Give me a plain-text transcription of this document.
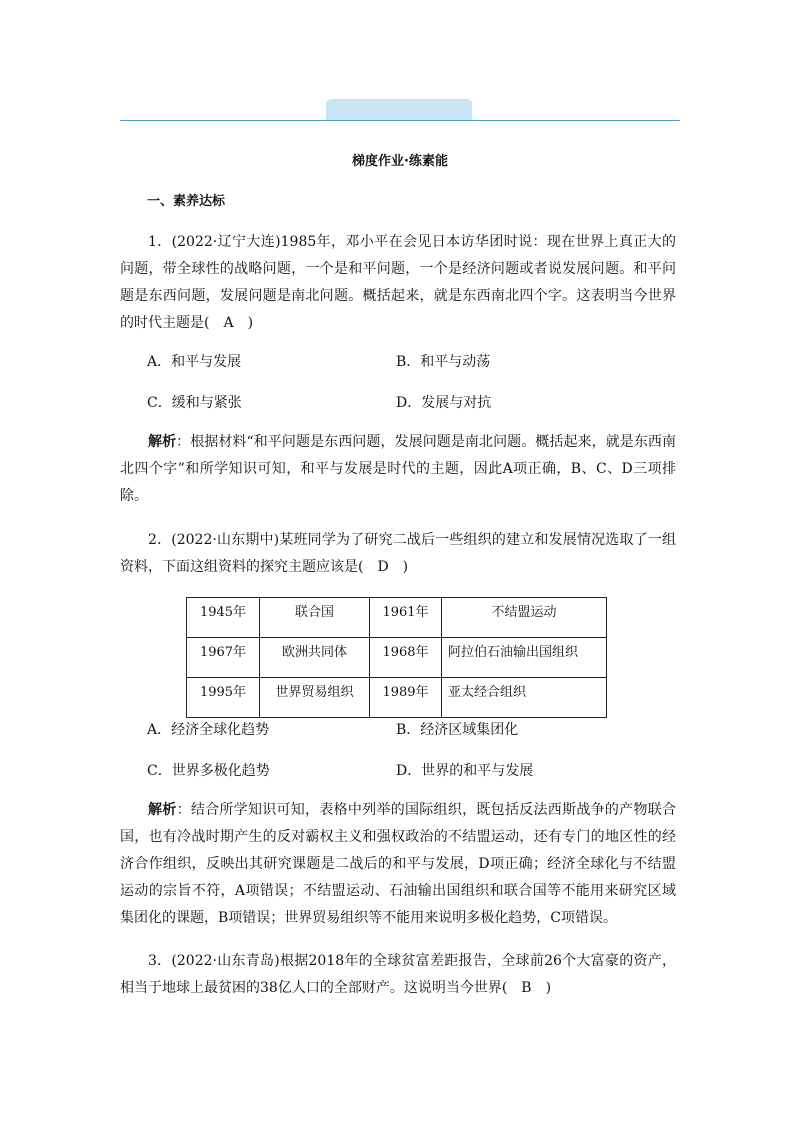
梯度作业·练素能
一、素养达标

1．(2022·辽宁大连)1985年，邓小平在会见日本访华团时说：现在世界上真正大的问题，带全球性的战略问题，一个是和平问题，一个是经济问题或者说发展问题。和平问题是东西问题，发展问题是南北问题。概括起来，就是东西南北四个字。这表明当今世界的时代主题是(　A　)

A．和平与发展	B．和平与动荡
C．缓和与紧张	D．发展与对抗

解析：根据材料“和平问题是东西问题，发展问题是南北问题。概括起来，就是东西南北四个字”和所学知识可知，和平与发展是时代的主题，因此A项正确，B、C、D三项排除。

2．(2022·山东期中)某班同学为了研究二战后一些组织的建立和发展情况选取了一组资料，下面这组资料的探究主题应该是(　D　)

1945年	联合国	1961年	不结盟运动
1967年	欧洲共同体	1968年	阿拉伯石油输出国组织
1995年	世界贸易组织	1989年	亚太经合组织
A．经济全球化趋势	B．经济区域集团化
C．世界多极化趋势	D．世界的和平与发展

解析：结合所学知识可知，表格中列举的国际组织，既包括反法西斯战争的产物联合国，也有冷战时期产生的反对霸权主义和强权政治的不结盟运动，还有专门的地区性的经济合作组织，反映出其研究课题是二战后的和平与发展，D项正确；经济全球化与不结盟运动的宗旨不符，A项错误；不结盟运动、石油输出国组织和联合国等不能用来研究区域集团化的课题，B项错误；世界贸易组织等不能用来说明多极化趋势，C项错误。

3．(2022·山东青岛)根据2018年的全球贫富差距报告，全球前26个大富豪的资产，相当于地球上最贫困的38亿人口的全部财产。这说明当今世界(　B　)
